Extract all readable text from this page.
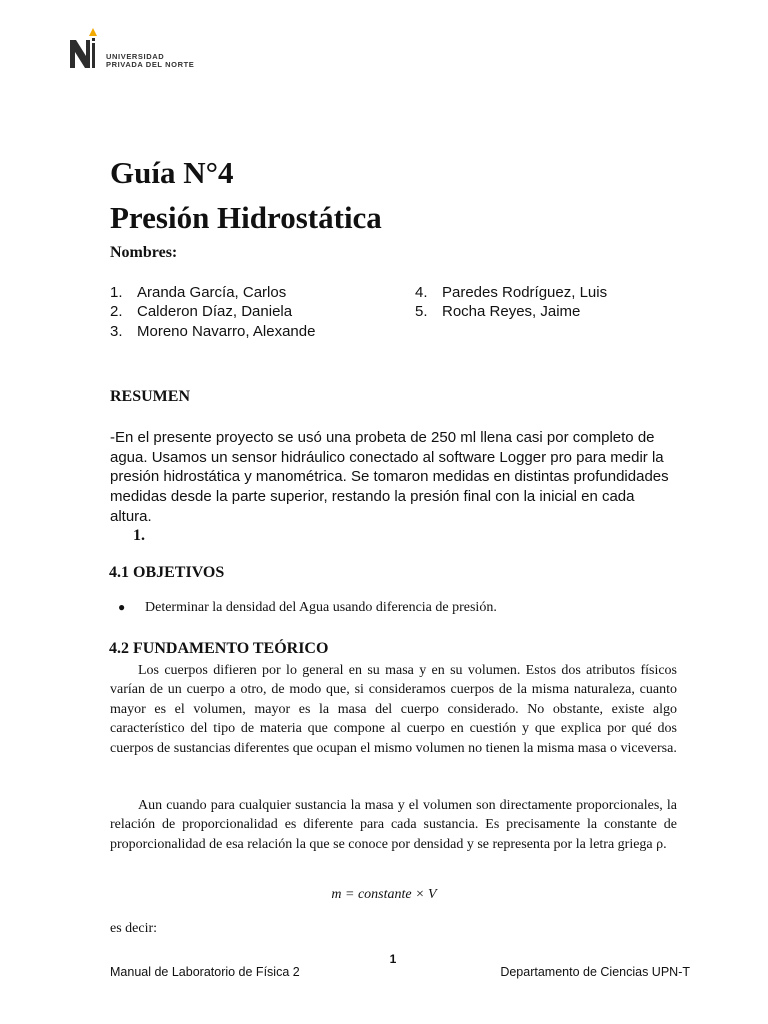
UNIVERSIDAD
PRIVADA DEL NORTE
Guía N°4
Presión Hidrostática
Nombres:
1. Aranda García, Carlos
2. Calderon Díaz, Daniela
3. Moreno Navarro, Alexande
4. Paredes Rodríguez, Luis
5. Rocha Reyes, Jaime
RESUMEN
-En el presente proyecto se usó una probeta de 250 ml llena casi por completo de agua. Usamos un sensor hidráulico conectado al software Logger pro para medir la presión hidrostática y manométrica. Se tomaron medidas en distintas profundidades medidas desde la parte superior, restando la presión final con la inicial en cada altura.
1.
4.1 OBJETIVOS
● Determinar la densidad del Agua usando diferencia de presión.
4.2 FUNDAMENTO TEÓRICO
Los cuerpos difieren por lo general en su masa y en su volumen. Estos dos atributos físicos varían de un cuerpo a otro, de modo que, si consideramos cuerpos de la misma naturaleza, cuanto mayor es el volumen, mayor es la masa del cuerpo considerado. No obstante, existe algo característico del tipo de materia que compone al cuerpo en cuestión y que explica por qué dos cuerpos de sustancias diferentes que ocupan el mismo volumen no tienen la misma masa o viceversa.
Aun cuando para cualquier sustancia la masa y el volumen son directamente proporcionales, la relación de proporcionalidad es diferente para cada sustancia. Es precisamente la constante de proporcionalidad de esa relación la que se conoce por densidad y se representa por la letra griega ρ.
m = constante × V
es decir:
1
Manual de Laboratorio de Física 2	Departamento de Ciencias UPN-T
